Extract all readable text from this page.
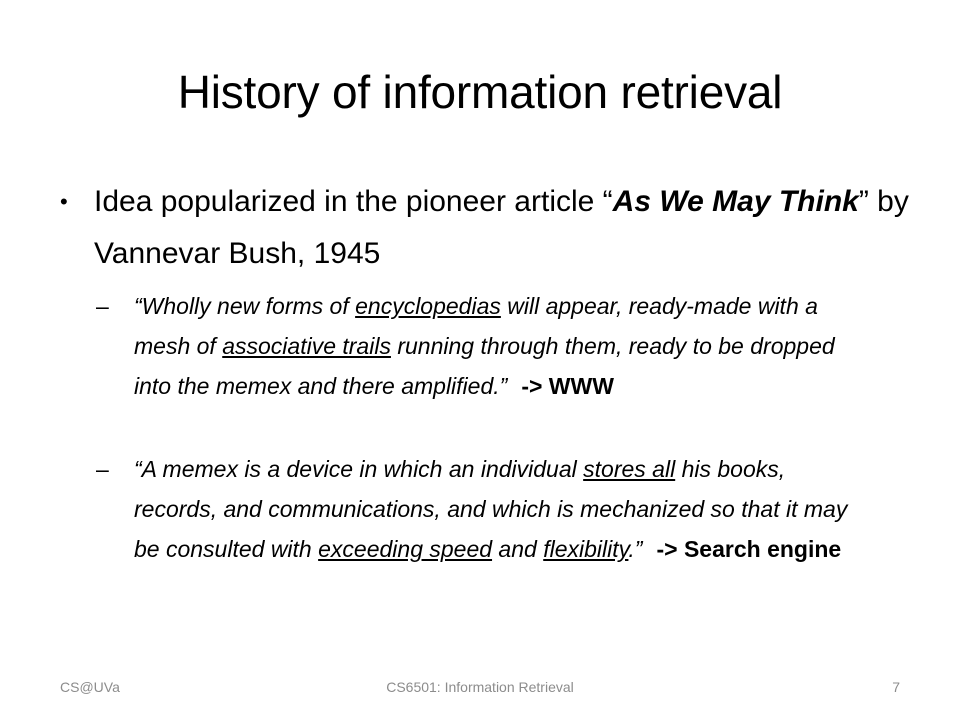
History of information retrieval
• Idea popularized in the pioneer article “As We May Think” by Vannevar Bush, 1945
– “Wholly new forms of encyclopedias will appear, ready-made with a mesh of associative trails running through them, ready to be dropped into the memex and there amplified.” -> WWW
– “A memex is a device in which an individual stores all his books, records, and communications, and which is mechanized so that it may be consulted with exceeding speed and flexibility.” -> Search engine
CS@UVa	CS6501: Information Retrieval	7
